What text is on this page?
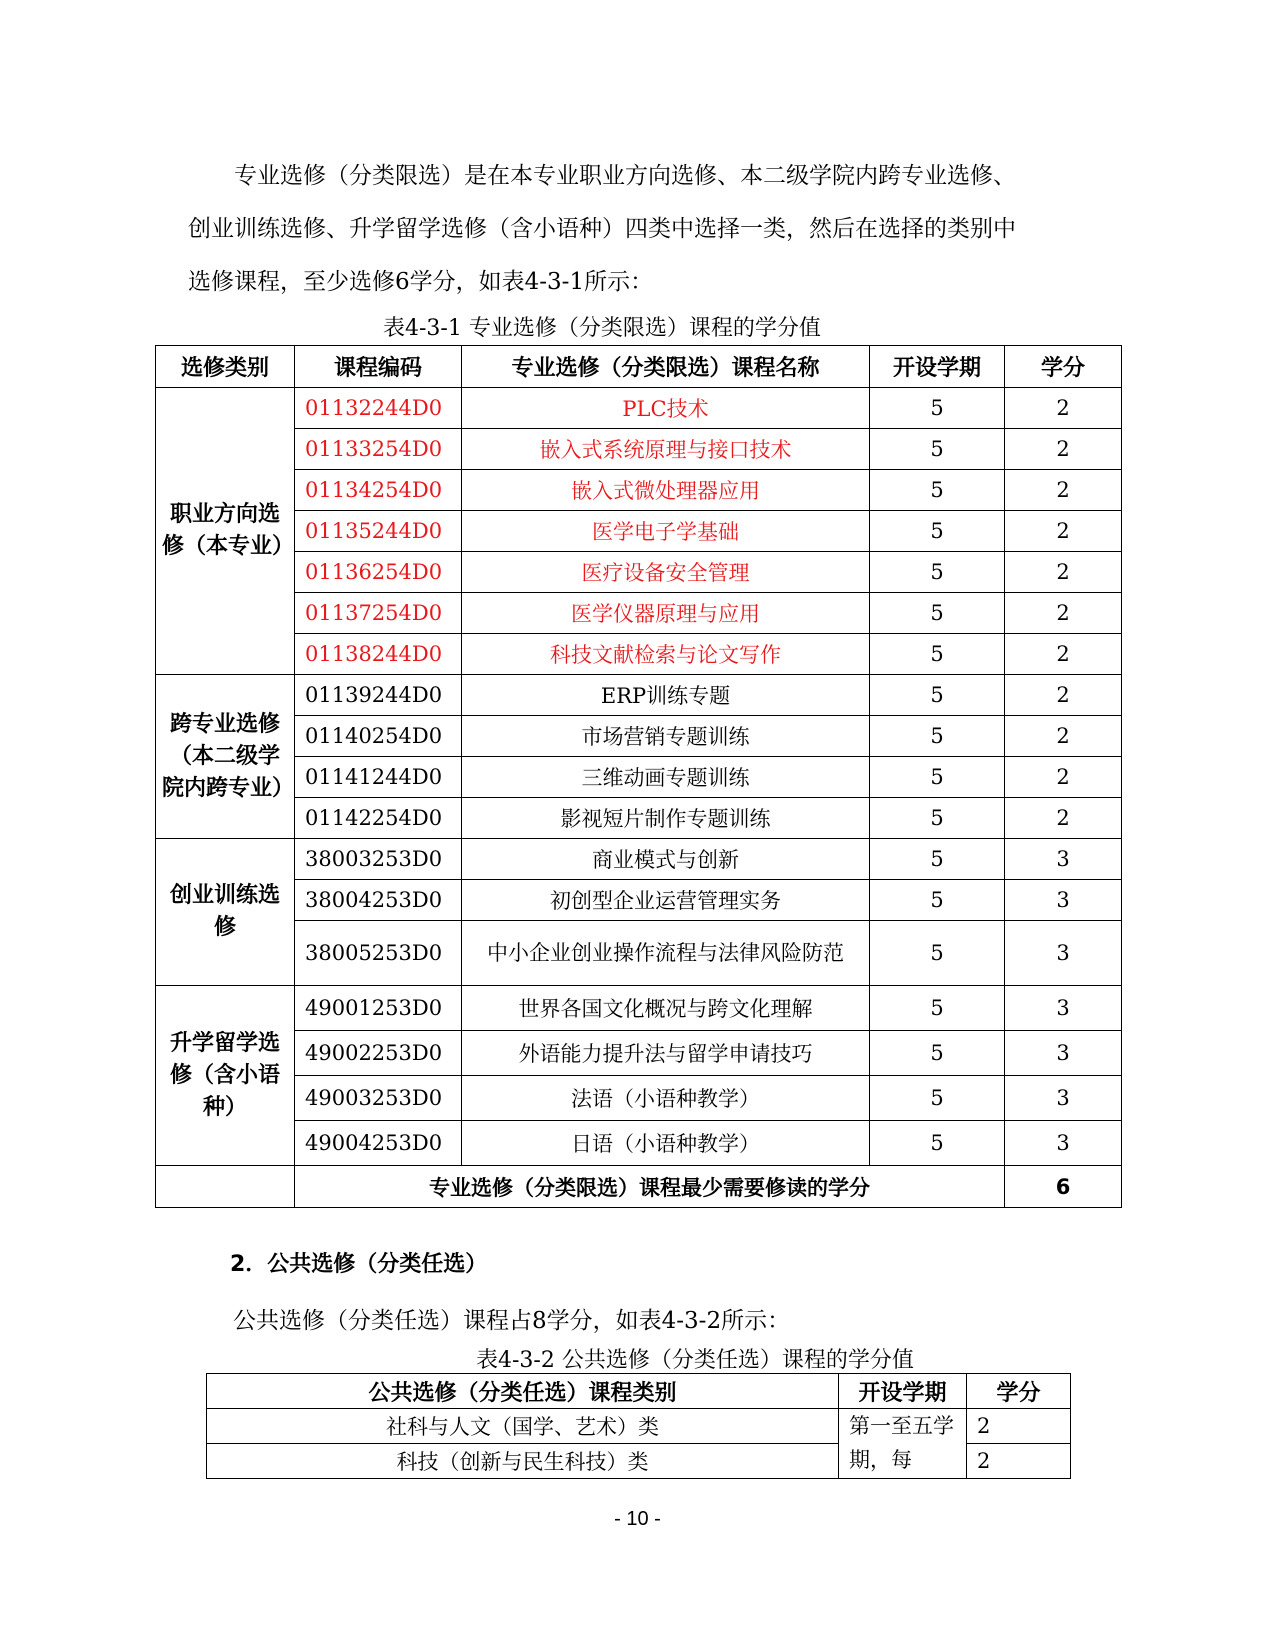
专业选修（分类限选）是在本专业职业方向选修、本二级学院内跨专业选修、

创业训练选修、升学留学选修（含小语种）四类中选择一类，然后在选择的类别中

选修课程，至少选修6学分，如表4-3-1所示：

表4-3-1 专业选修（分类限选）课程的学分值

选修类别	课程编码	专业选修（分类限选）课程名称	开设学期	学分
职业方向选修（本专业）	01132244D0	PLC技术	5	2
	01133254D0	嵌入式系统原理与接口技术	5	2
	01134254D0	嵌入式微处理器应用	5	2
	01135244D0	医学电子学基础	5	2
	01136254D0	医疗设备安全管理	5	2
	01137254D0	医学仪器原理与应用	5	2
	01138244D0	科技文献检索与论文写作	5	2
跨专业选修（本二级学院内跨专业）	01139244D0	ERP训练专题	5	2
	01140254D0	市场营销专题训练	5	2
	01141244D0	三维动画专题训练	5	2
	01142254D0	影视短片制作专题训练	5	2
创业训练选修	38003253D0	商业模式与创新	5	3
	38004253D0	初创型企业运营管理实务	5	3
	38005253D0	中小企业创业操作流程与法律风险防范	5	3
升学留学选修（含小语种）	49001253D0	世界各国文化概况与跨文化理解	5	3
	49002253D0	外语能力提升法与留学申请技巧	5	3
	49003253D0	法语（小语种教学）	5	3
	49004253D0	日语（小语种教学）	5	3
	专业选修（分类限选）课程最少需要修读的学分			6

2．公共选修（分类任选）

公共选修（分类任选）课程占8学分，如表4-3-2所示：

表4-3-2 公共选修（分类任选）课程的学分值

公共选修（分类任选）课程类别	开设学期	学分
社科与人文（国学、艺术）类	第一至五学期，每	2
科技（创新与民生科技）类		2

- 10 -
